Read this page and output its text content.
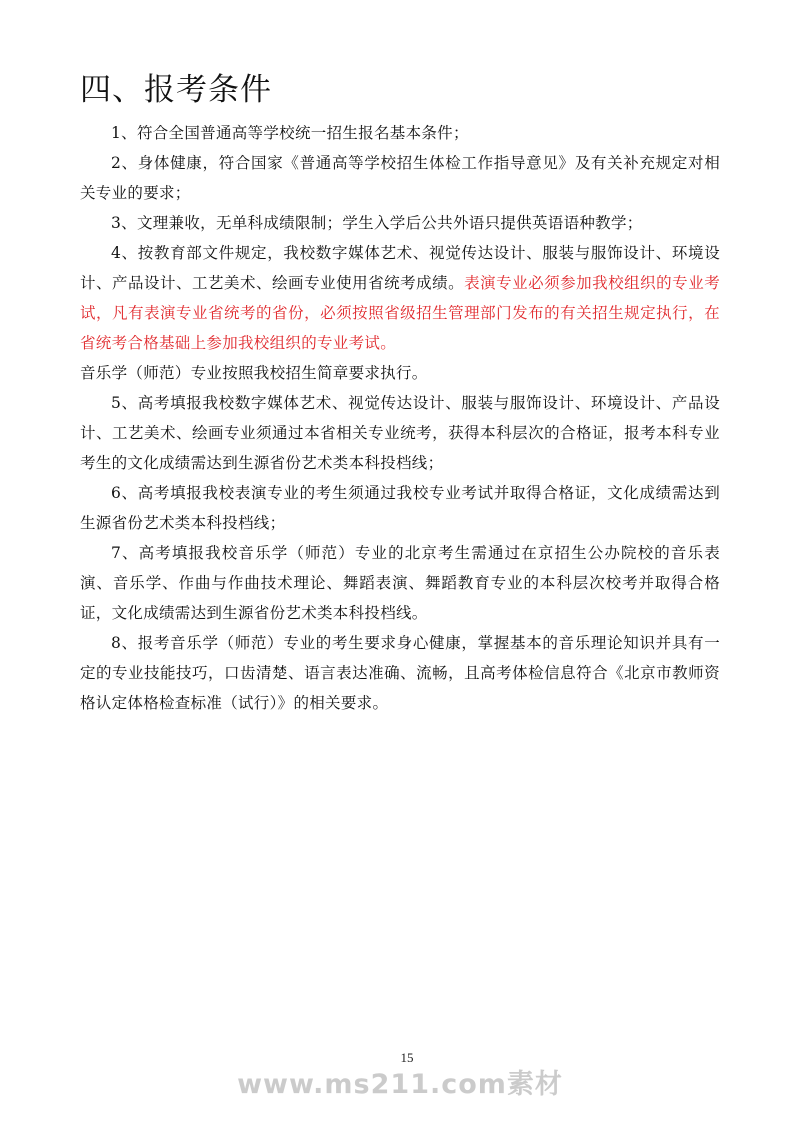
四、报考条件

1、符合全国普通高等学校统一招生报名基本条件；

2、身体健康，符合国家《普通高等学校招生体检工作指导意见》及有关补充规定对相关专业的要求；

3、文理兼收，无单科成绩限制；学生入学后公共外语只提供英语语种教学；

4、按教育部文件规定，我校数字媒体艺术、视觉传达设计、服装与服饰设计、环境设计、产品设计、工艺美术、绘画专业使用省统考成绩。表演专业必须参加我校组织的专业考试，凡有表演专业省统考的省份，必须按照省级招生管理部门发布的有关招生规定执行，在省统考合格基础上参加我校组织的专业考试。

音乐学（师范）专业按照我校招生简章要求执行。

5、高考填报我校数字媒体艺术、视觉传达设计、服装与服饰设计、环境设计、产品设计、工艺美术、绘画专业须通过本省相关专业统考，获得本科层次的合格证，报考本科专业考生的文化成绩需达到生源省份艺术类本科投档线；

6、高考填报我校表演专业的考生须通过我校专业考试并取得合格证，文化成绩需达到生源省份艺术类本科投档线；

7、高考填报我校音乐学（师范）专业的北京考生需通过在京招生公办院校的音乐表演、音乐学、作曲与作曲技术理论、舞蹈表演、舞蹈教育专业的本科层次校考并取得合格证，文化成绩需达到生源省份艺术类本科投档线。

8、报考音乐学（师范）专业的考生要求身心健康，掌握基本的音乐理论知识并具有一定的专业技能技巧，口齿清楚、语言表达准确、流畅，且高考体检信息符合《北京市教师资格认定体格检查标准（试行）》的相关要求。

15
www.ms211.com素材
